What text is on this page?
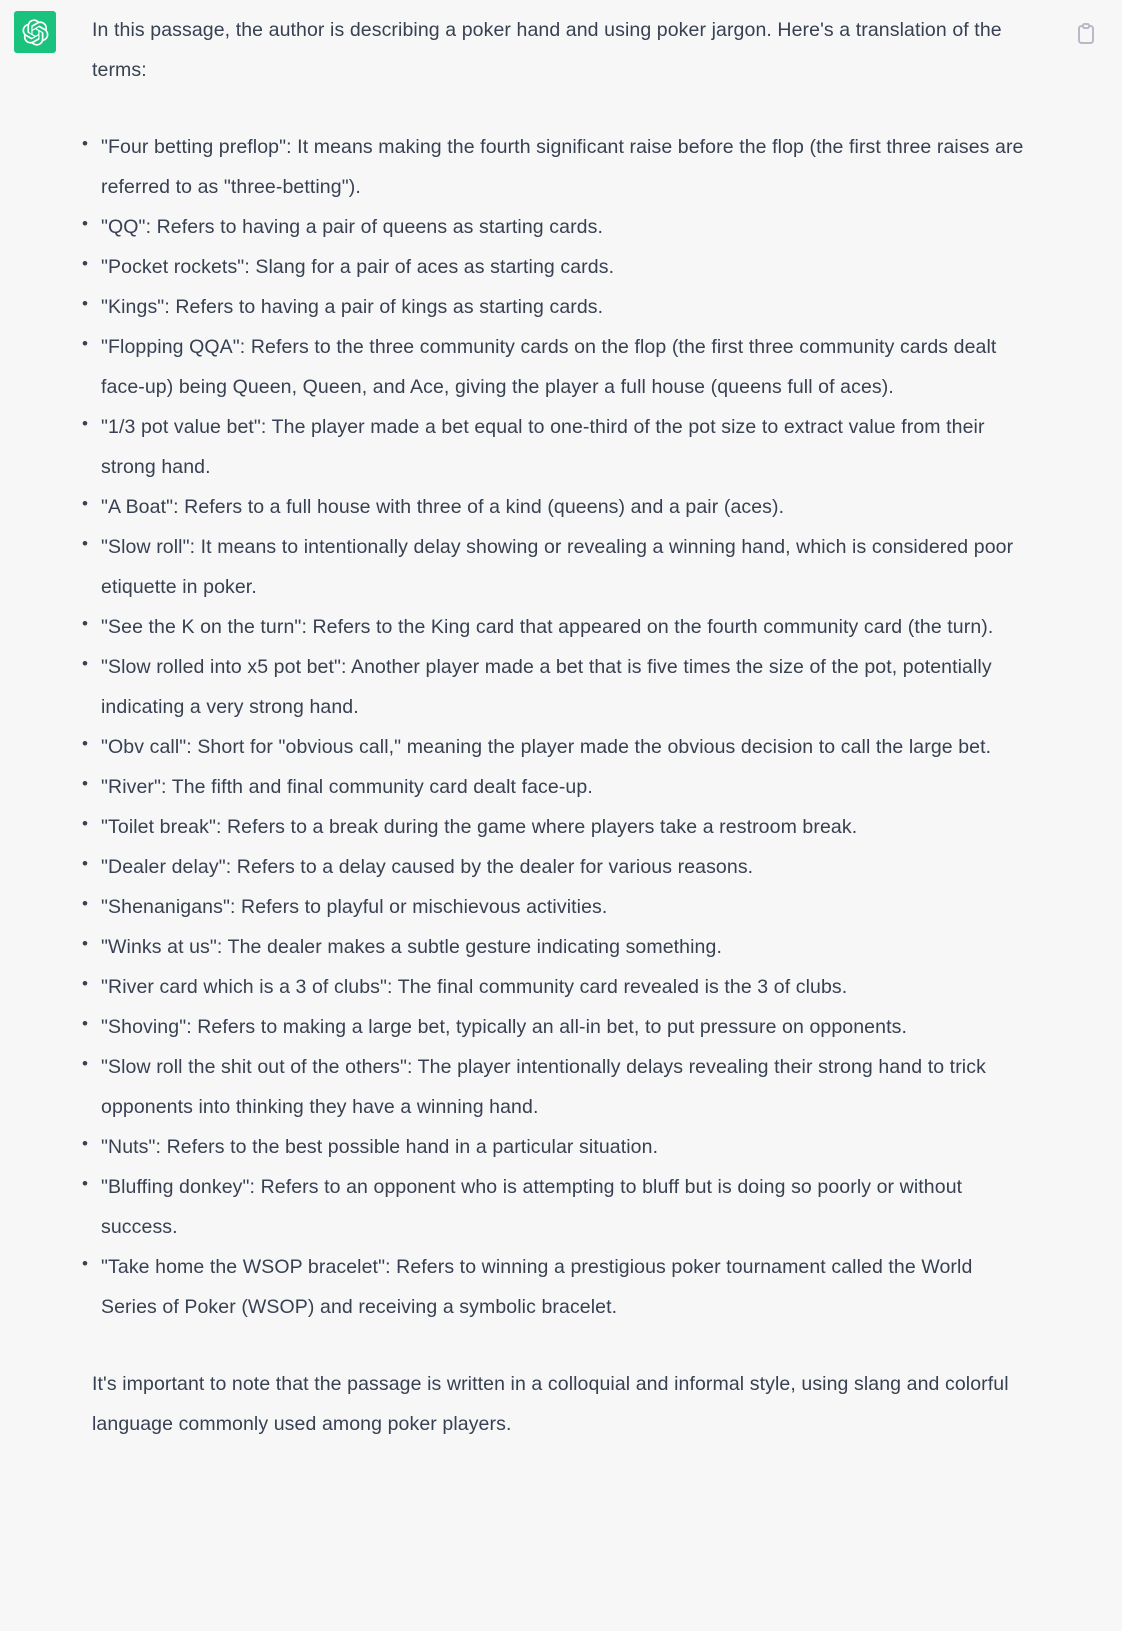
In this passage, the author is describing a poker hand and using poker jargon. Here's a translation of the terms:

• "Four betting preflop": It means making the fourth significant raise before the flop (the first three raises are referred to as "three-betting").
• "QQ": Refers to having a pair of queens as starting cards.
• "Pocket rockets": Slang for a pair of aces as starting cards.
• "Kings": Refers to having a pair of kings as starting cards.
• "Flopping QQA": Refers to the three community cards on the flop (the first three community cards dealt face-up) being Queen, Queen, and Ace, giving the player a full house (queens full of aces).
• "1/3 pot value bet": The player made a bet equal to one-third of the pot size to extract value from their strong hand.
• "A Boat": Refers to a full house with three of a kind (queens) and a pair (aces).
• "Slow roll": It means to intentionally delay showing or revealing a winning hand, which is considered poor etiquette in poker.
• "See the K on the turn": Refers to the King card that appeared on the fourth community card (the turn).
• "Slow rolled into x5 pot bet": Another player made a bet that is five times the size of the pot, potentially indicating a very strong hand.
• "Obv call": Short for "obvious call," meaning the player made the obvious decision to call the large bet.
• "River": The fifth and final community card dealt face-up.
• "Toilet break": Refers to a break during the game where players take a restroom break.
• "Dealer delay": Refers to a delay caused by the dealer for various reasons.
• "Shenanigans": Refers to playful or mischievous activities.
• "Winks at us": The dealer makes a subtle gesture indicating something.
• "River card which is a 3 of clubs": The final community card revealed is the 3 of clubs.
• "Shoving": Refers to making a large bet, typically an all-in bet, to put pressure on opponents.
• "Slow roll the shit out of the others": The player intentionally delays revealing their strong hand to trick opponents into thinking they have a winning hand.
• "Nuts": Refers to the best possible hand in a particular situation.
• "Bluffing donkey": Refers to an opponent who is attempting to bluff but is doing so poorly or without success.
• "Take home the WSOP bracelet": Refers to winning a prestigious poker tournament called the World Series of Poker (WSOP) and receiving a symbolic bracelet.

It's important to note that the passage is written in a colloquial and informal style, using slang and colorful language commonly used among poker players.
